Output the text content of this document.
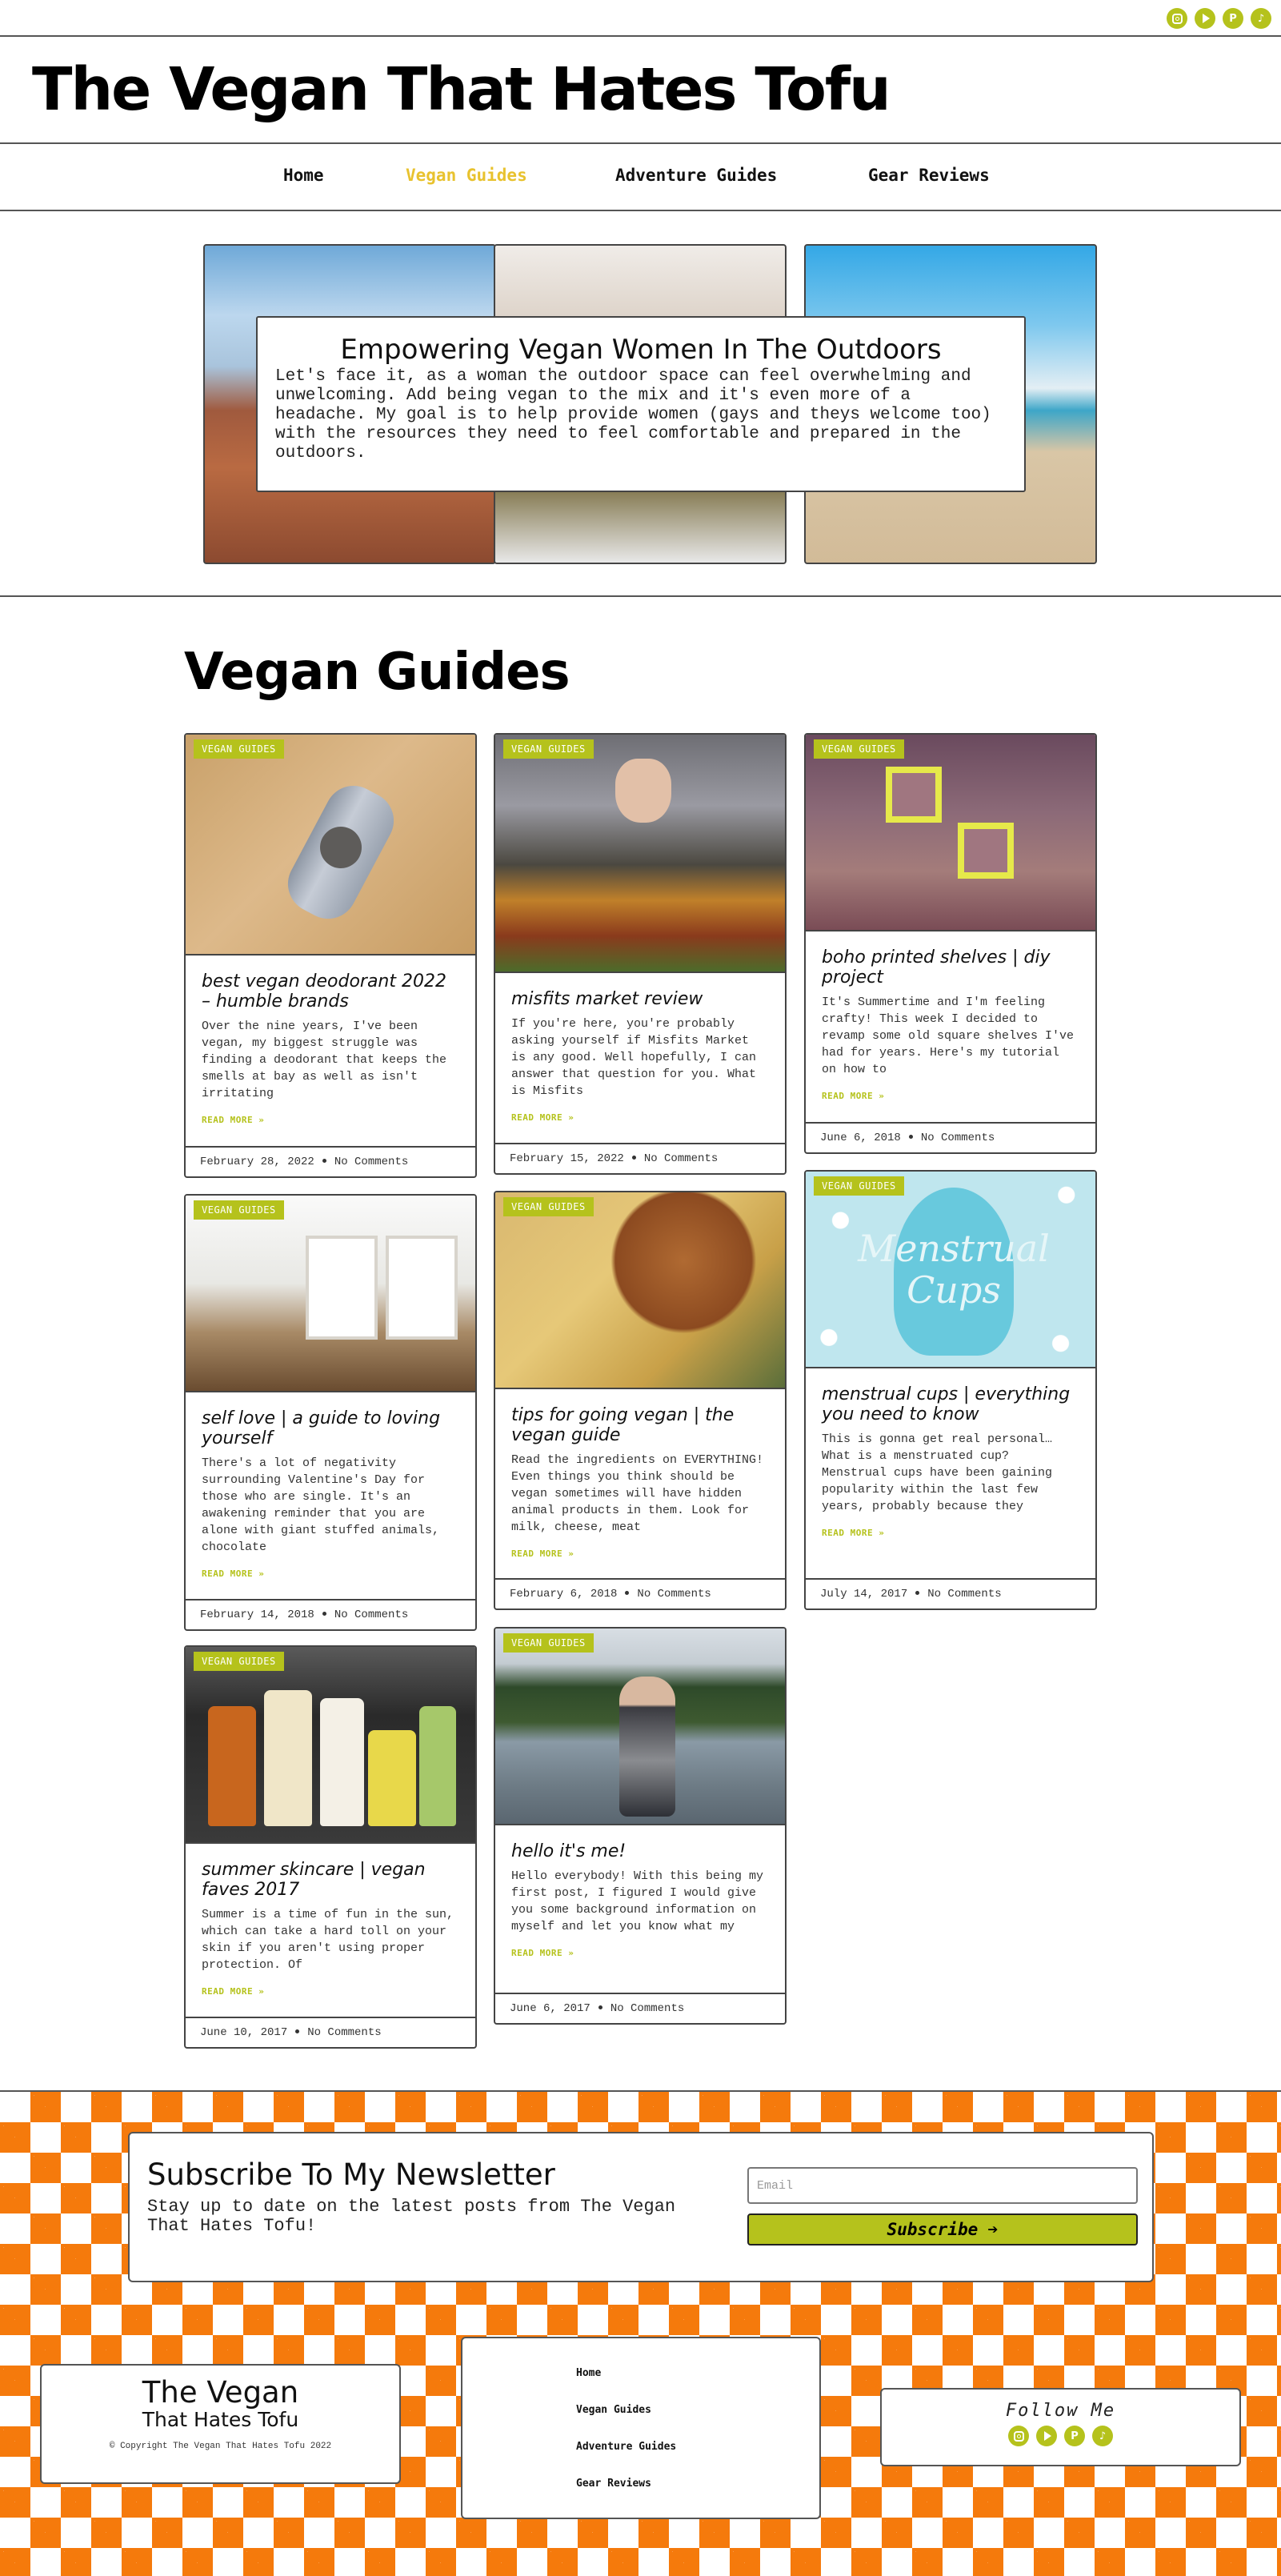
P	♪
The Vegan That Hates Tofu
Home	Vegan Guides	Adventure Guides	Gear Reviews
Empowering Vegan Women In The Outdoors
Let's face it, as a woman the outdoor space can feel overwhelming and unwelcoming. Add being vegan to the mix and it's even more of a headache. My goal is to help provide women (gays and theys welcome too) with the resources they need to feel comfortable and prepared in the outdoors.
Vegan Guides
VEGAN GUIDES
best vegan deodorant 2022 – humble brands
Over the nine years, I've been vegan, my biggest struggle was finding a deodorant that keeps the smells at bay as well as isn't irritating
READ MORE »
February 28, 2022 No Comments
VEGAN GUIDES
misfits market review
If you're here, you're probably asking yourself if Misfits Market is any good. Well hopefully, I can answer that question for you. What is Misfits
READ MORE »
February 15, 2022 No Comments
VEGAN GUIDES
boho printed shelves | diy project
It's Summertime and I'm feeling crafty! This week I decided to revamp some old square shelves I've had for years. Here's my tutorial on how to
READ MORE »
June 6, 2018 No Comments
VEGAN GUIDES
self love | a guide to loving yourself
There's a lot of negativity surrounding Valentine's Day for those who are single. It's an awakening reminder that you are alone with giant stuffed animals, chocolate
READ MORE »
February 14, 2018 No Comments
VEGAN GUIDES
tips for going vegan | the vegan guide
Read the ingredients on EVERYTHING! Even things you think should be vegan sometimes will have hidden animal products in them. Look for milk, cheese, meat
READ MORE »
February 6, 2018 No Comments
Menstrual Cups
VEGAN GUIDES
menstrual cups | everything you need to know
This is gonna get real personal… What is a menstruated cup? Menstrual cups have been gaining popularity within the last few years, probably because they
READ MORE »
July 14, 2017 No Comments
VEGAN GUIDES
summer skincare | vegan faves 2017
Summer is a time of fun in the sun, which can take a hard toll on your skin if you aren't using proper protection. Of
READ MORE »
June 10, 2017 No Comments
VEGAN GUIDES
hello it's me!
Hello everybody! With this being my first post, I figured I would give you some background information on myself and let you know what my
READ MORE »
June 6, 2017 No Comments
Subscribe To My Newsletter
Stay up to date on the latest posts from The Vegan That Hates Tofu!
Email	Subscribe ➔
The Vegan
That Hates Tofu
© Copyright The Vegan That Hates Tofu 2022
Home
Vegan Guides
Adventure Guides
Gear Reviews
Follow Me
P	♪
